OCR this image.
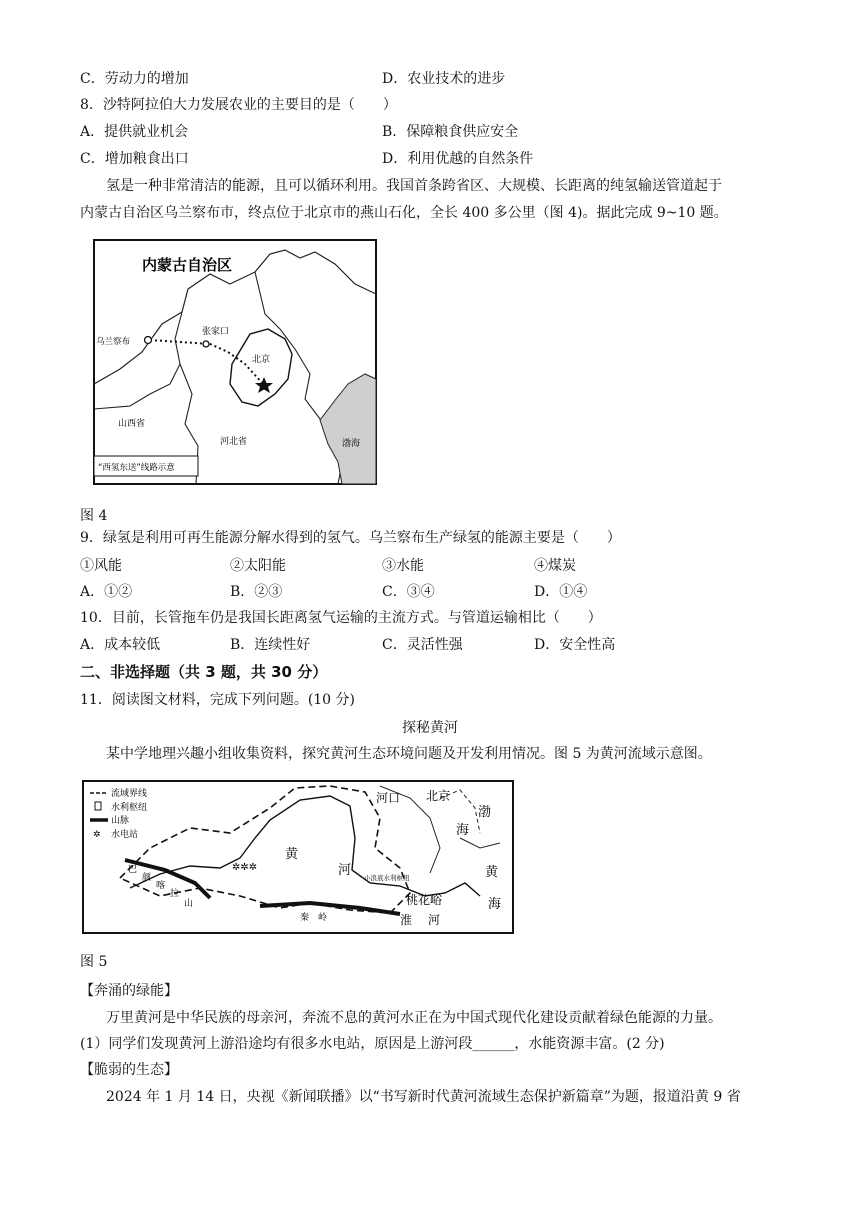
C．劳动力的增加	D．农业技术的进步
8．沙特阿拉伯大力发展农业的主要目的是（　　）
A．提供就业机会	B．保障粮食供应安全
C．增加粮食出口	D．利用优越的自然条件
氢是一种非常清洁的能源，且可以循环利用。我国首条跨省区、大规模、长距离的纯氢输送管道起于
内蒙古自治区乌兰察布市，终点位于北京市的燕山石化，全长 400 多公里（图 4)。据此完成 9~10 题。
内蒙古自治区
乌兰察布
张家口
北京
山西省
河北省	渤海
“西氢东送”线路示意
图 4
9．绿氢是利用可再生能源分解水得到的氢气。乌兰察布生产绿氢的能源主要是（　　）
①风能	②太阳能	③水能	④煤炭
A．①②	B．②③	C．③④	D．①④
10．目前，长管拖车仍是我国长距离氢气运输的主流方式。与管道运输相比（　　）
A．成本较低	B．连续性好	C．灵活性强	D．安全性高
二、非选择题（共 3 题，共 30 分）
11．阅读图文材料，完成下列问题。(10 分)
探秘黄河
某中学地理兴趣小组收集资料，探究黄河生态环境问题及开发利用情况。图 5 为黄河流域示意图。
✲✲✲
流域界线
水利枢纽
山脉
✲ 水电站
河口 北京
渤
海
黄
河	黄
海
巴
颜
喀
拉
山
秦　岭
小浪底水利枢纽
桃花峪
淮 河
图 5
【奔涌的绿能】
万里黄河是中华民族的母亲河，奔流不息的黄河水正在为中国式现代化建设贡献着绿色能源的力量。
(1）同学们发现黄河上游沿途均有很多水电站，原因是上游河段______，水能资源丰富。(2 分)
【脆弱的生态】
2024 年 1 月 14 日，央视《新闻联播》以“书写新时代黄河流域生态保护新篇章”为题，报道沿黄 9 省
